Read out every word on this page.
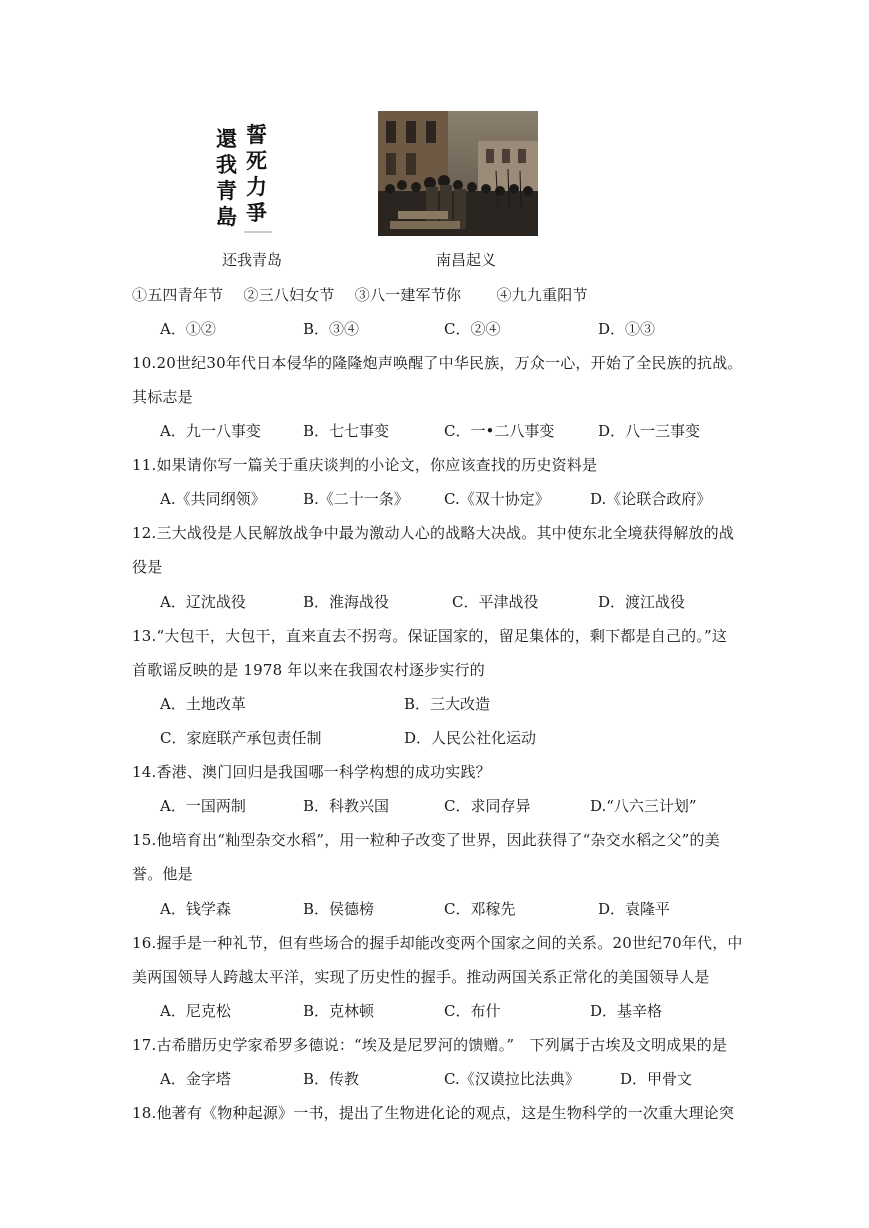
誓
死
力
爭
還
我
青
島
还我青岛	南昌起义
①五四青年节　 ②三八妇女节　 ③八一建军节你　　 ④九九重阳节
A．①②	B．③④	C．②④	D．①③
10.20世纪30年代日本侵华的隆隆炮声唤醒了中华民族，万众一心，开始了全民族的抗战。
其标志是
A．九一八事变	B．七七事变	C．一•二八事变	D．八一三事变
11.如果请你写一篇关于重庆谈判的小论文，你应该查找的历史资料是
A.《共同纲领》 B.《二十一条》 C.《双十协定》	D.《论联合政府》
12.三大战役是人民解放战争中最为激动人心的战略大决战。其中使东北全境获得解放的战
役是
A．辽沈战役	B．淮海战役	C．平津战役	D．渡江战役
13.“大包干，大包干，直来直去不拐弯。保证国家的，留足集体的，剩下都是自己的。”这
首歌谣反映的是 1978 年以来在我国农村逐步实行的
A．土地改革	B．三大改造
C．家庭联产承包责任制	D．人民公社化运动
14.香港、澳门回归是我国哪一科学构想的成功实践？
A．一国两制	B．科教兴国	C．求同存异	D.“八六三计划”
15.他培育出“籼型杂交水稻”，用一粒种子改变了世界，因此获得了“杂交水稻之父”的美
誉。他是
A．钱学森	B．侯德榜	C．邓稼先	D．袁隆平
16.握手是一种礼节，但有些场合的握手却能改变两个国家之间的关系。20世纪70年代，中
美两国领导人跨越太平洋，实现了历史性的握手。推动两国关系正常化的美国领导人是
A．尼克松	B．克林顿	C．布什	D．基辛格
17.古希腊历史学家希罗多德说：“埃及是尼罗河的馈赠。”　下列属于古埃及文明成果的是
A．金字塔	B．传教	C.《汉谟拉比法典》	D．甲骨文
18.他著有《物种起源》一书，提出了生物进化论的观点，这是生物科学的一次重大理论突
